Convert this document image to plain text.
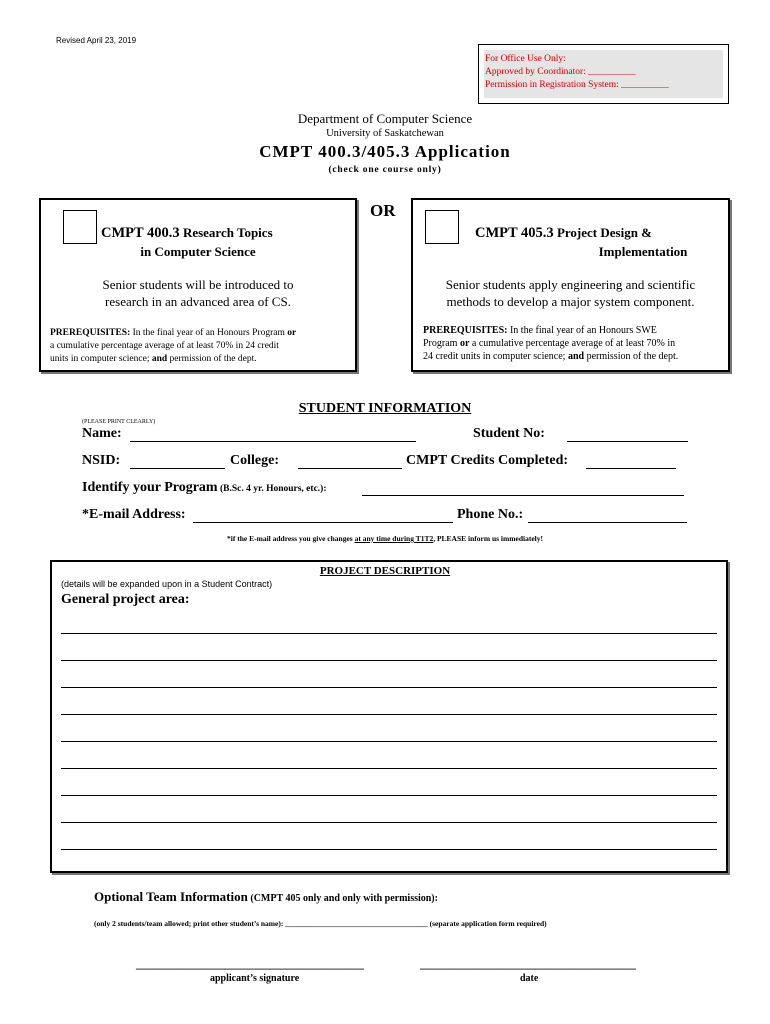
Revised April 23, 2019
For Office Use Only:
Approved by Coordinator: __________
Permission in Registration System: __________
Department of Computer Science
University of Saskatchewan
CMPT 400.3/405.3 Application
(check one course only)
OR
CMPT 400.3 Research Topics
in Computer Science
Senior students will be introduced to
research in an advanced area of CS.
PREREQUISITES: In the final year of an Honours Program or
a cumulative percentage average of at least 70% in 24 credit
units in computer science; and permission of the dept.
CMPT 405.3 Project Design &
Implementation
Senior students apply engineering and scientific
methods to develop a major system component.
PREREQUISITES: In the final year of an Honours SWE
Program or a cumulative percentage average of at least 70% in
24 credit units in computer science; and permission of the dept.
STUDENT INFORMATION
(PLEASE PRINT CLEARLY)
Name:	Student No:
NSID:	College:	CMPT Credits Completed:
Identify your Program (B.Sc. 4 yr. Honours, etc.):
*E-mail Address:	Phone No.:
*if the E-mail address you give changes at any time during T1T2, PLEASE inform us immediately!
PROJECT DESCRIPTION
(details will be expanded upon in a Student Contract)
General project area:
Optional Team Information (CMPT 405 only and only with permission):
(only 2 students/team allowed; print other student’s name): ______________________________________ (separate application form required)
______________________________________	____________________________________
applicant’s signature	date
